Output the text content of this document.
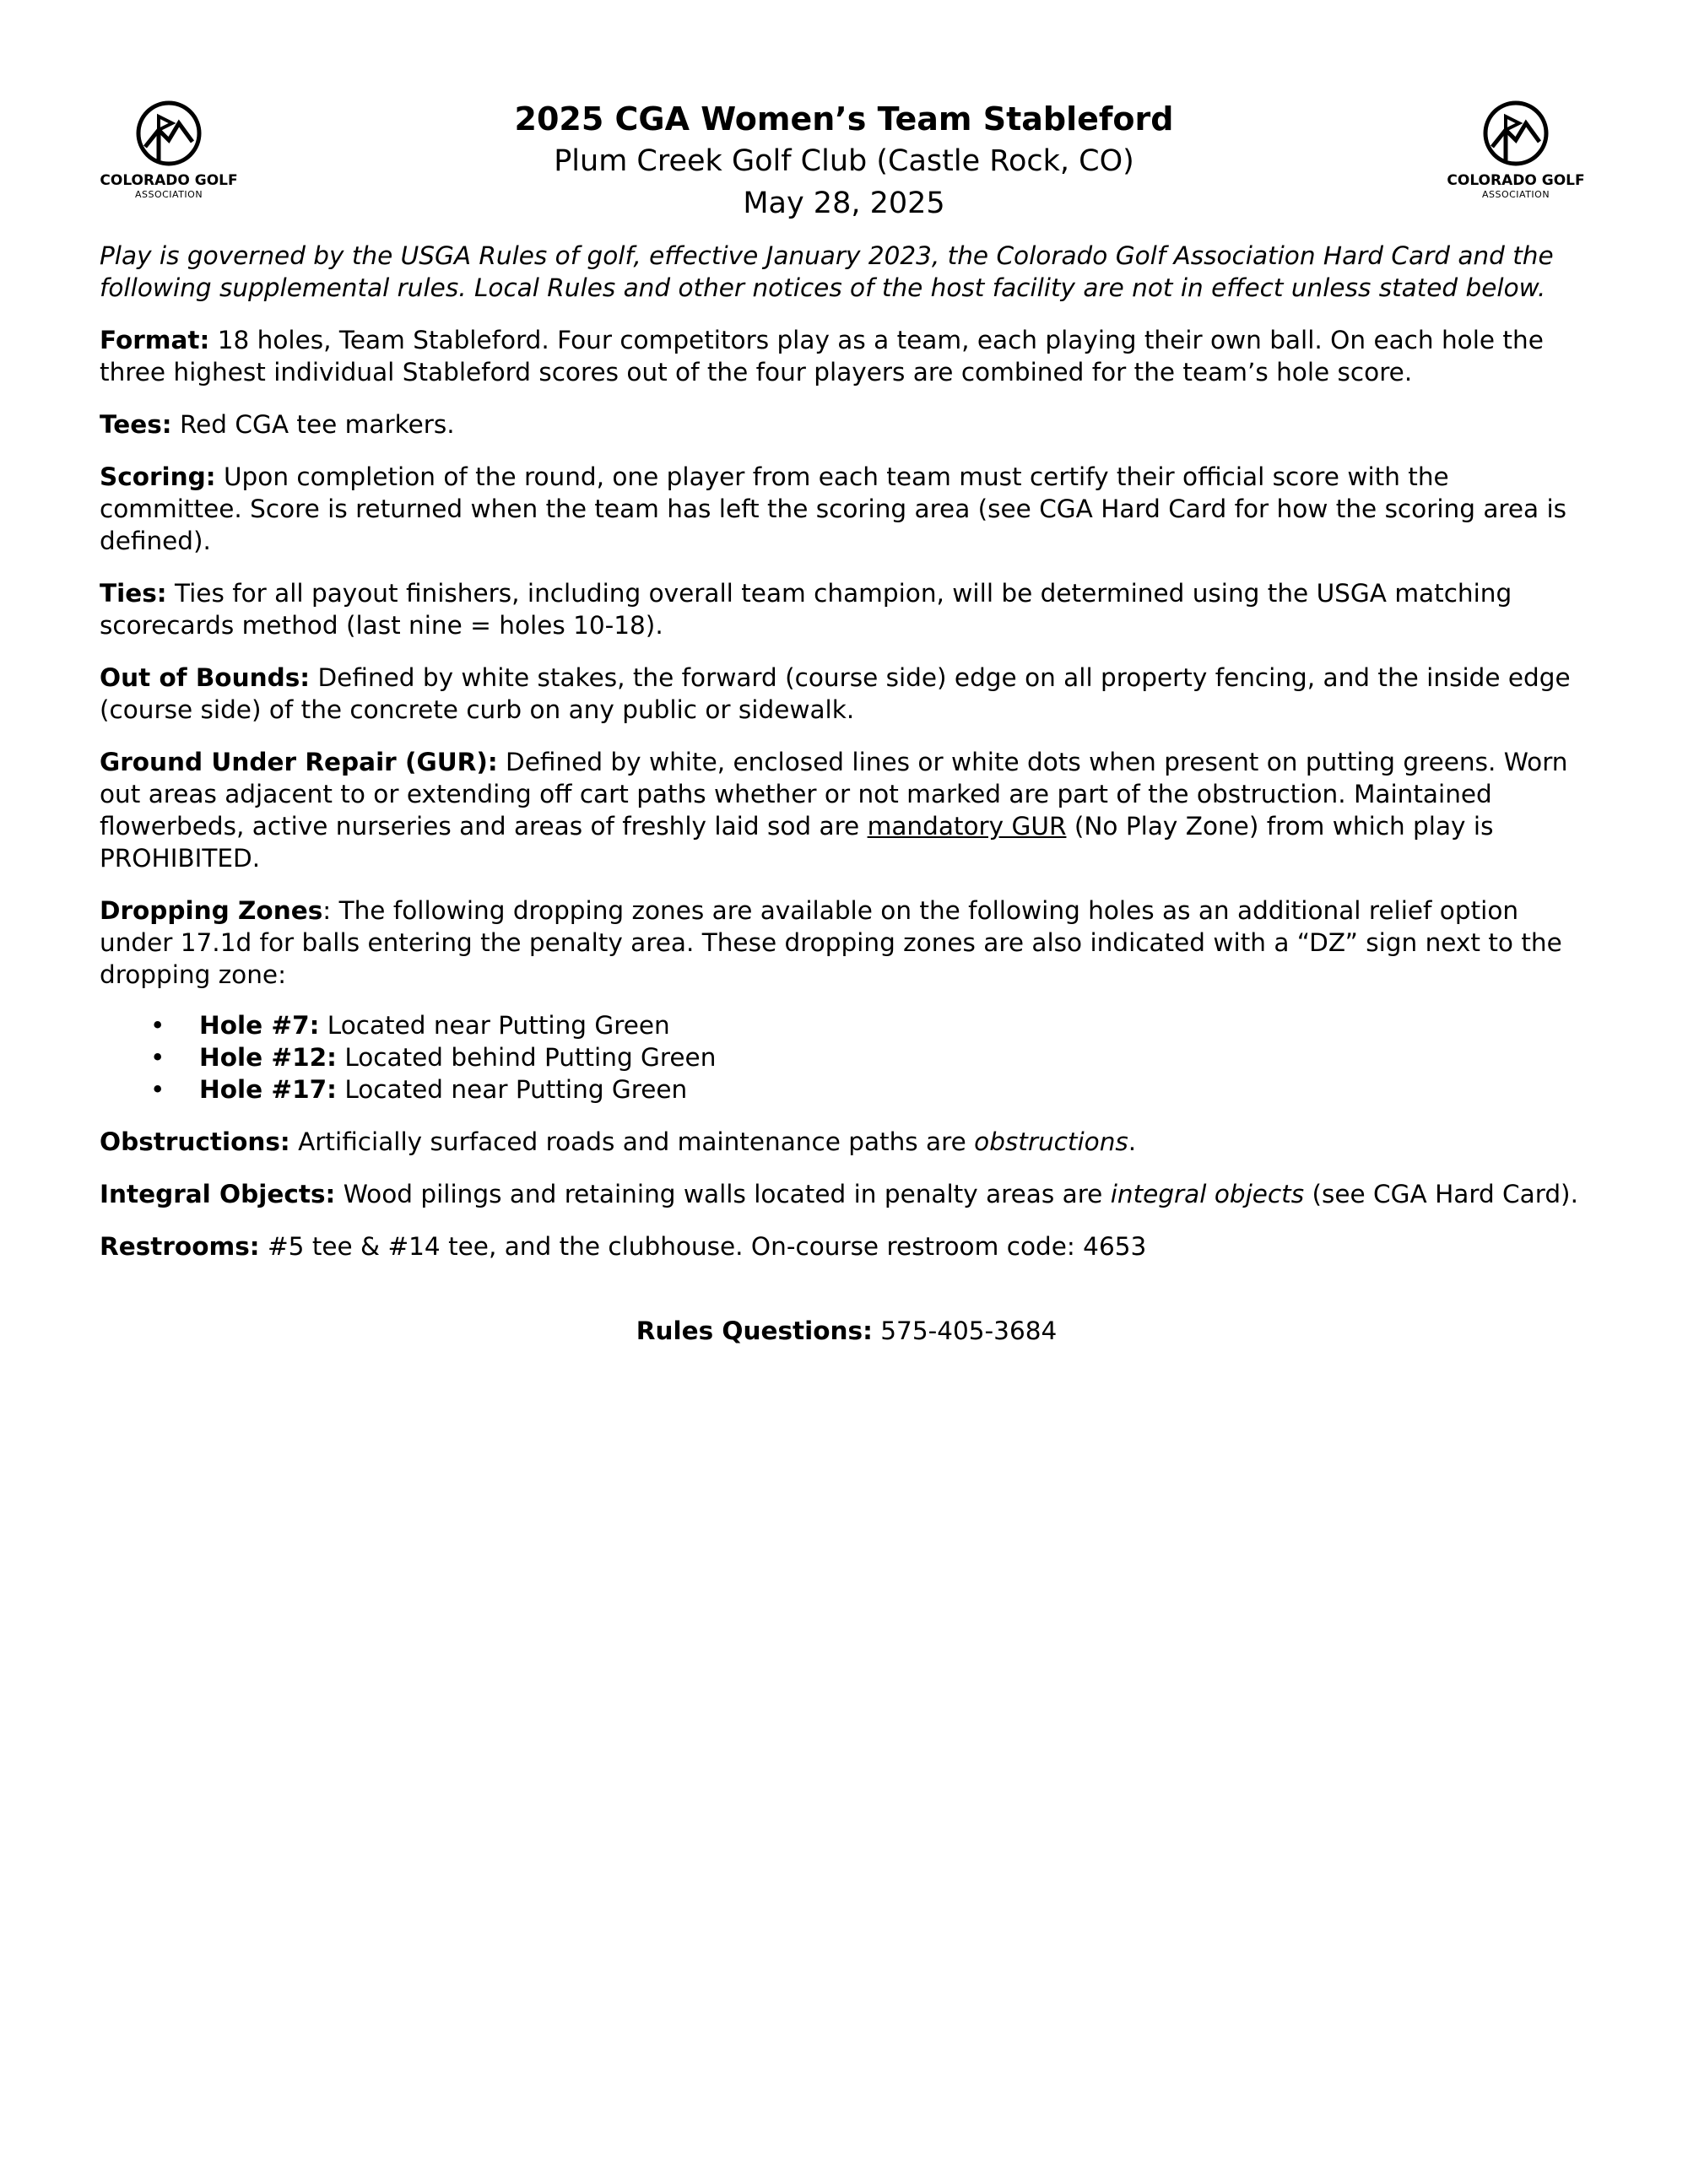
COLORADO GOLF
ASSOCIATION
2025 CGA Women’s Team Stableford
Plum Creek Golf Club (Castle Rock, CO)
May 28, 2025
COLORADO GOLF
ASSOCIATION

Play is governed by the USGA Rules of golf, effective January 2023, the Colorado Golf Association Hard Card and the following supplemental rules. Local Rules and other notices of the host facility are not in effect unless stated below.

Format: 18 holes, Team Stableford. Four competitors play as a team, each playing their own ball. On each hole the three highest individual Stableford scores out of the four players are combined for the team’s hole score.

Tees: Red CGA tee markers.

Scoring: Upon completion of the round, one player from each team must certify their official score with the committee. Score is returned when the team has left the scoring area (see CGA Hard Card for how the scoring area is defined).

Ties: Ties for all payout finishers, including overall team champion, will be determined using the USGA matching scorecards method (last nine = holes 10-18).

Out of Bounds: Defined by white stakes, the forward (course side) edge on all property fencing, and the inside edge (course side) of the concrete curb on any public or sidewalk.

Ground Under Repair (GUR): Defined by white, enclosed lines or white dots when present on putting greens. Worn out areas adjacent to or extending off cart paths whether or not marked are part of the obstruction. Maintained flowerbeds, active nurseries and areas of freshly laid sod are mandatory GUR (No Play Zone) from which play is PROHIBITED.

Dropping Zones: The following dropping zones are available on the following holes as an additional relief option under 17.1d for balls entering the penalty area. These dropping zones are also indicated with a “DZ” sign next to the dropping zone:

• Hole #7: Located near Putting Green
• Hole #12: Located behind Putting Green
• Hole #17: Located near Putting Green

Obstructions: Artificially surfaced roads and maintenance paths are obstructions.

Integral Objects: Wood pilings and retaining walls located in penalty areas are integral objects (see CGA Hard Card).

Restrooms: #5 tee & #14 tee, and the clubhouse. On-course restroom code: 4653

Rules Questions: 575-405-3684
